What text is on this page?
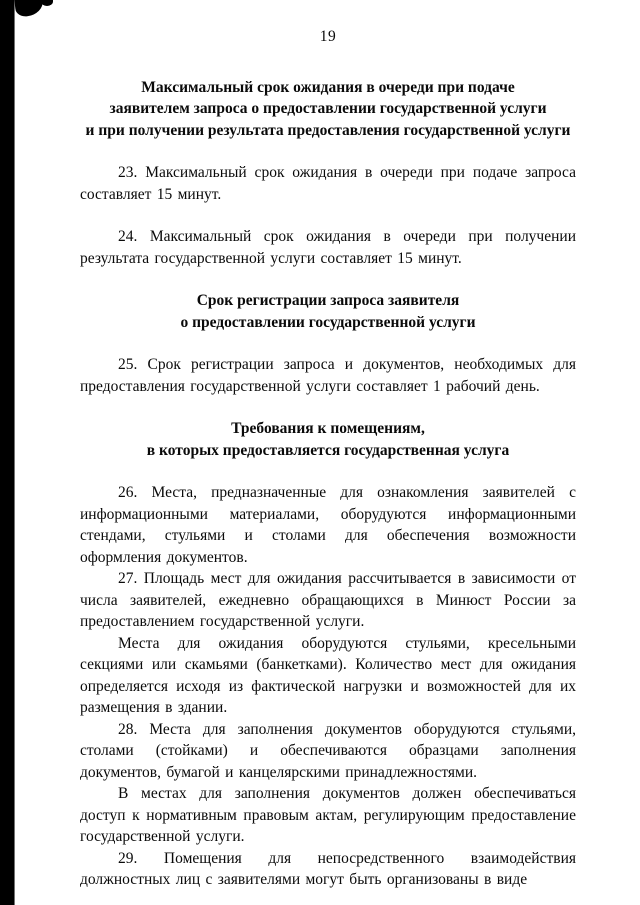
19
Максимальный срок ожидания в очереди при подаче
заявителем запроса о предоставлении государственной услуги
и при получении результата предоставления государственной услуги

23. Максимальный срок ожидания в очереди при подаче запроса составляет 15 минут.

24. Максимальный срок ожидания в очереди при получении результата государственной услуги составляет 15 минут.

Срок регистрации запроса заявителя
о предоставлении государственной услуги

25. Срок регистрации запроса и документов, необходимых для предоставления государственной услуги составляет 1 рабочий день.

Требования к помещениям,
в которых предоставляется государственная услуга

26. Места, предназначенные для ознакомления заявителей с информационными материалами, оборудуются информационными стендами, стульями и столами для обеспечения возможности оформления документов.

27. Площадь мест для ожидания рассчитывается в зависимости от числа заявителей, ежедневно обращающихся в Минюст России за предоставлением государственной услуги.

Места для ожидания оборудуются стульями, кресельными секциями или скамьями (банкетками). Количество мест для ожидания определяется исходя из фактической нагрузки и возможностей для их размещения в здании.

28. Места для заполнения документов оборудуются стульями, столами (стойками) и обеспечиваются образцами заполнения документов, бумагой и канцелярскими принадлежностями.

В местах для заполнения документов должен обеспечиваться доступ к нормативным правовым актам, регулирующим предоставление государственной услуги.

29. Помещения для непосредственного взаимодействия должностных лиц с заявителями могут быть организованы в виде
